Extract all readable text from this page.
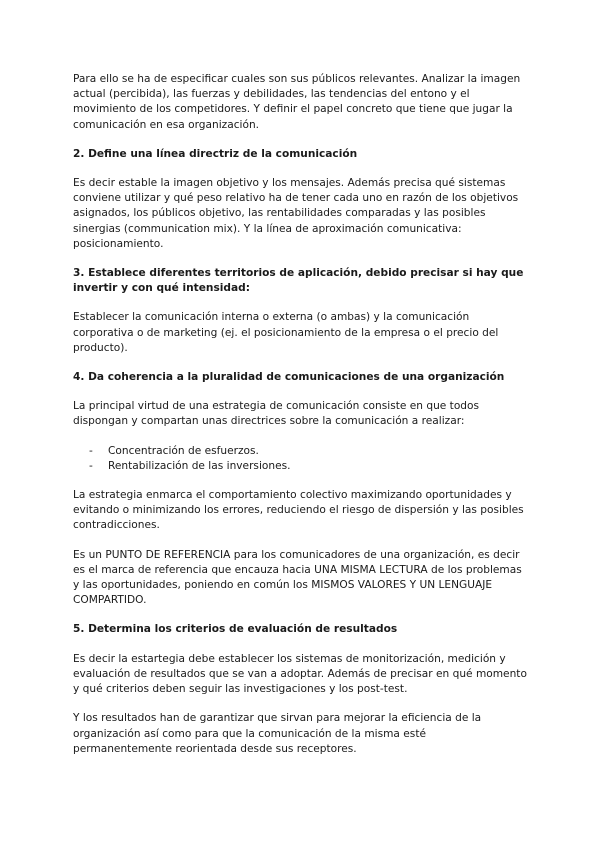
Para ello se ha de especificar cuales son sus públicos relevantes. Analizar la imagen actual (percibida), las fuerzas y debilidades, las tendencias del entono y el movimiento de los competidores. Y definir el papel concreto que tiene que jugar la comunicación en esa organización.

2. Define una línea directriz de la comunicación

Es decir estable la imagen objetivo y los mensajes. Además precisa qué sistemas conviene utilizar y qué peso relativo ha de tener cada uno en razón de los objetivos asignados, los públicos objetivo, las rentabilidades comparadas y las posibles sinergias (communication mix). Y la línea de aproximación comunicativa: posicionamiento.

3. Establece diferentes territorios de aplicación, debido precisar si hay que invertir y con qué intensidad:

Establecer la comunicación interna o externa (o ambas) y la comunicación corporativa o de marketing (ej. el posicionamiento de la empresa o el precio del producto).

4. Da coherencia a la pluralidad de comunicaciones de una organización

La principal virtud de una estrategia de comunicación consiste en que todos dispongan y compartan unas directrices sobre la comunicación a realizar:

- Concentración de esfuerzos.
- Rentabilización de las inversiones.

La estrategia enmarca el comportamiento colectivo maximizando oportunidades y evitando o minimizando los errores, reduciendo el riesgo de dispersión y las posibles contradicciones.

Es un PUNTO DE REFERENCIA para los comunicadores de una organización, es decir es el marca de referencia que encauza hacia UNA MISMA LECTURA de los problemas y las oportunidades, poniendo en común los MISMOS VALORES Y UN LENGUAJE COMPARTIDO.

5. Determina los criterios de evaluación de resultados

Es decir la estartegia debe establecer los sistemas de monitorización, medición y evaluación de resultados que se van a adoptar. Además de precisar en qué momento y qué criterios deben seguir las investigaciones y los post-test.

Y los resultados han de garantizar que sirvan para mejorar la eficiencia de la organización así como para que la comunicación de la misma esté permanentemente reorientada desde sus receptores.
